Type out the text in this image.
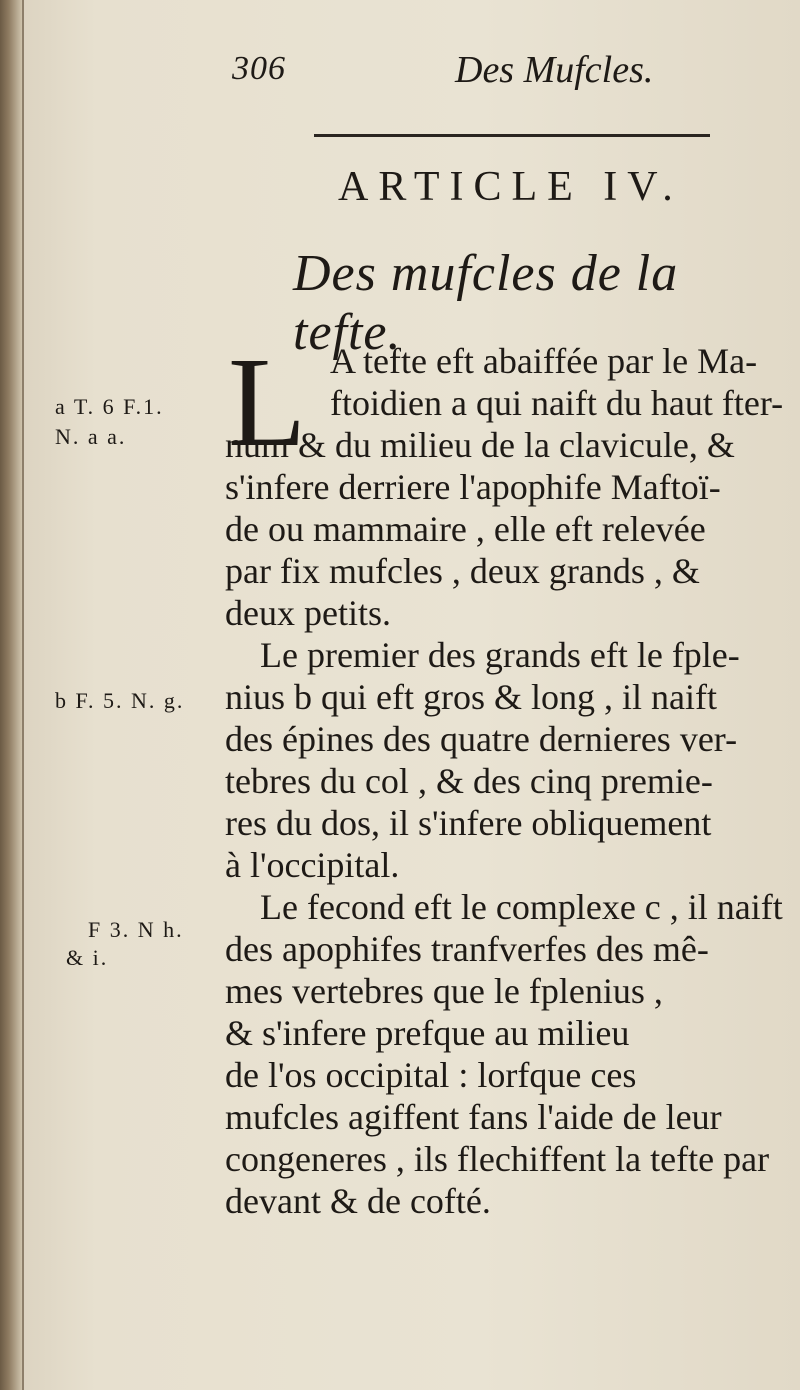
306	Des Mufcles.
ARTICLE IV.
Des mufcles de la tefte.
L A tefte eft abaiffée par le Ma-
ftoidien a qui naift du haut fter-
num & du milieu de la clavicule, &
s'infere derriere l'apophife Maftoï-
de ou mammaire , elle eft relevée
par fix mufcles , deux grands , &
deux petits.
Le premier des grands eft le fple-
nius b qui eft gros & long , il naift
des épines des quatre dernieres ver-
tebres du col , & des cinq premie-
res du dos, il s'infere obliquement
à l'occipital.
Le fecond eft le complexe c , il naift
des apophifes tranfverfes des mê-
mes vertebres que le fplenius ,
& s'infere prefque au milieu
de l'os occipital : lorfque ces
mufcles agiffent fans l'aide de leur
congeneres , ils flechiffent la tefte par
devant & de cofté.
a T. 6 F.1.
N. a a.
b F. 5. N. g.
F 3. N h.
& i.
